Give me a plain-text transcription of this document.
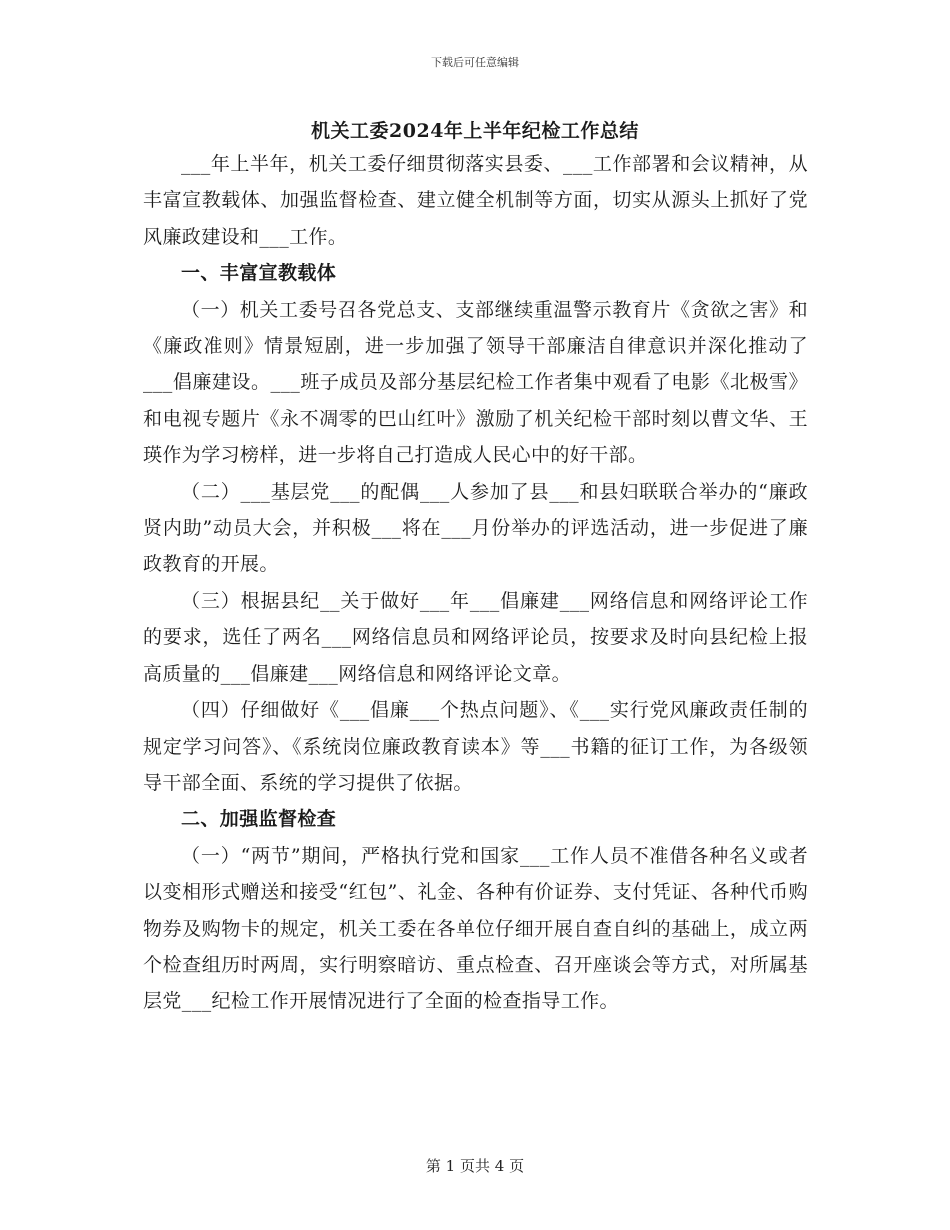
下载后可任意编辑
机关工委2024年上半年纪检工作总结

___年上半年，机关工委仔细贯彻落实县委、___工作部署和会议精神，从丰富宣教载体、加强监督检查、建立健全机制等方面，切实从源头上抓好了党风廉政建设和___工作。

一、丰富宣教载体

（一）机关工委号召各党总支、支部继续重温警示教育片《贪欲之害》和《廉政准则》情景短剧，进一步加强了领导干部廉洁自律意识并深化推动了___倡廉建设。___班子成员及部分基层纪检工作者集中观看了电影《北极雪》和电视专题片《永不凋零的巴山红叶》激励了机关纪检干部时刻以曹文华、王瑛作为学习榜样，进一步将自己打造成人民心中的好干部。

（二）___基层党___的配偶___人参加了县___和县妇联联合举办的“廉政贤内助”动员大会，并积极___将在___月份举办的评选活动，进一步促进了廉政教育的开展。

（三）根据县纪__关于做好___年___倡廉建___网络信息和网络评论工作的要求，选任了两名___网络信息员和网络评论员，按要求及时向县纪检上报高质量的___倡廉建___网络信息和网络评论文章。

（四）仔细做好《___倡廉___个热点问题》、《___实行党风廉政责任制的规定学习问答》、《系统岗位廉政教育读本》等___书籍的征订工作，为各级领导干部全面、系统的学习提供了依据。

二、加强监督检查

（一）“两节”期间，严格执行党和国家___工作人员不准借各种名义或者以变相形式赠送和接受“红包”、礼金、各种有价证券、支付凭证、各种代币购物券及购物卡的规定，机关工委在各单位仔细开展自查自纠的基础上，成立两个检查组历时两周，实行明察暗访、重点检查、召开座谈会等方式，对所属基层党___纪检工作开展情况进行了全面的检查指导工作。

第 1 页共 4 页
